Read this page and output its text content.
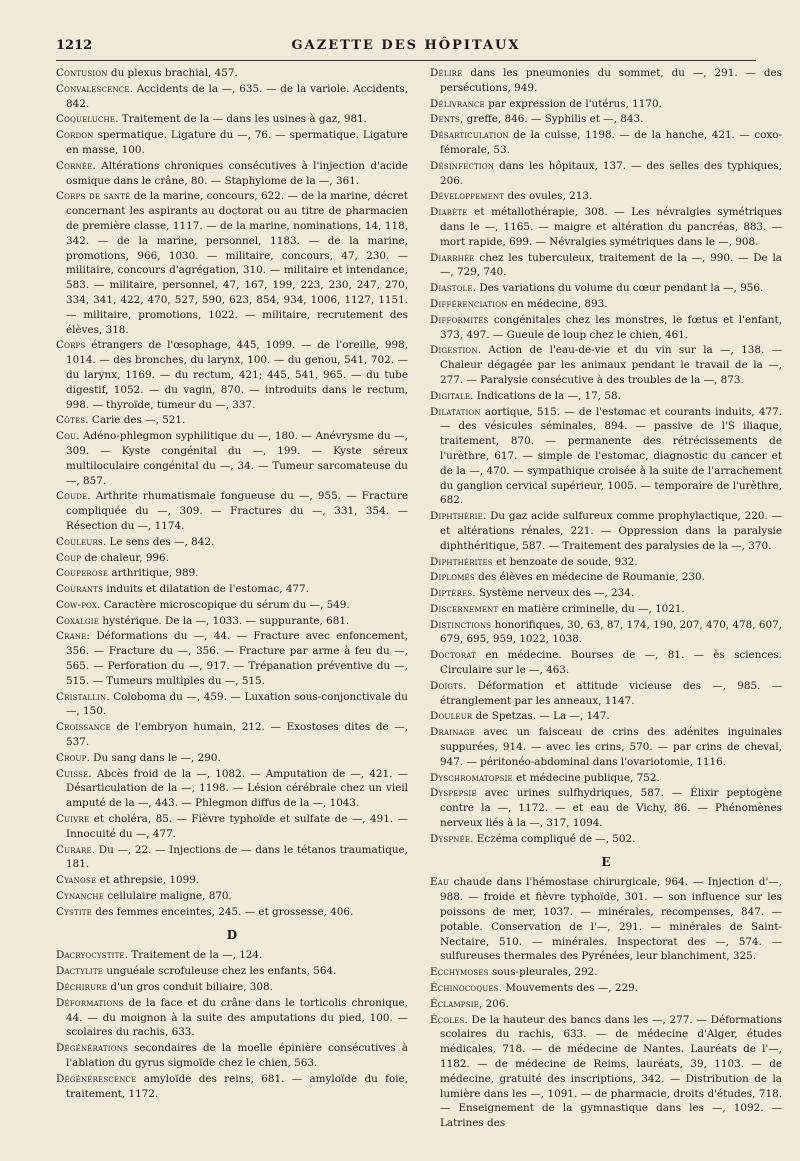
1212	GAZETTE DES HÔPITAUX

Contusion du plexus brachial, 457.

Convalescence. Accidents de la —, 635. — de la variole. Accidents, 842.

Coqueluche. Traitement de la — dans les usines à gaz, 981.

Cordon spermatique. Ligature du —, 76. — spermatique. Ligature en masse, 100.

Cornée. Altérations chroniques consécutives à l'injection d'acide osmique dans le crâne, 80. — Staphylome de la —, 361.

Corps de santé de la marine, concours, 622. — de la marine, décret concernant les aspirants au doctorat ou au titre de pharmacien de première classe, 1117. — de la marine, nominations, 14, 118, 342. — de la marine, personnel, 1183. — de la marine, promotions, 966, 1030. — militaire, concours, 47, 230. — militaire, concours d'agrégation, 310. — militaire et intendance, 583. — militaire, personnel, 47, 167, 199, 223, 230, 247, 270, 334, 341, 422, 470, 527, 590, 623, 854, 934, 1006, 1127, 1151. — militaire, promotions, 1022. — militaire, recrutement des élèves, 318.

Corps étrangers de l'œsophage, 445, 1099. — de l'oreille, 998, 1014. — des bronches, du larynx, 100. — du genou, 541, 702. — du larynx, 1169. — du rectum, 421; 445, 541, 965. — du tube digestif, 1052. — du vagin, 870. — introduits dans le rectum, 998. — thyroïde, tumeur du —, 337.

Côtes. Carie des —, 521.

Cou. Adéno-phlegmon syphilitique du —, 180. — Anévrysme du —, 309. — Kyste congénital du —, 199. — Kyste séreux multiloculaire congénital du —, 34. — Tumeur sarcomateuse du —, 857.

Coude. Arthrite rhumatismale fongueuse du —, 955. — Fracture compliquée du —, 309. — Fractures du —, 331, 354. — Résection du —, 1174.

Couleurs. Le sens des —, 842.

Coup de chaleur, 996.

Couperose arthritique, 989.

Courants induits et dilatation de l'estomac, 477.

Cow-pox. Caractère microscopique du sérum du —, 549.

Coxalgie hystérique. De la —, 1033. — suppurante, 681.

Crane: Déformations du —, 44. — Fracture avec enfoncement, 356. — Fracture du —, 356. — Fracture par arme à feu du —, 565. — Perforation du —, 917. — Trépanation préventive du —, 515. — Tumeurs multiples du —, 515.

Cristallin. Coloboma du —, 459. — Luxation sous-conjonctivale du —, 150.

Croissance de l'embryon humain, 212. — Exostoses dites de —, 537.

Croup. Du sang dans le —, 290.

Cuisse. Abcès froid de la —, 1082. — Amputation de —, 421. — Désarticulation de la —, 1198. — Lésion cérébrale chez un vieil amputé de la —, 443. — Phlegmon diffus de la —, 1043.

Cuivre et choléra, 85. — Fièvre typhoïde et sulfate de —, 491. — Innocuité du —, 477.

Curare. Du —, 22. — Injections de — dans le tétanos traumatique, 181.

Cyanose et athrepsie, 1099.

Cynanche cellulaire maligne, 870.

Cystite des femmes enceintes, 245. — et grossesse, 406.

D

Dacryocystite. Traitement de la —, 124.

Dactylite unguéale scrofuleuse chez les enfants, 564.

Déchirure d'un gros conduit biliaire, 308.

Déformations de la face et du crâne dans le torticolis chronique, 44. — du moignon à la suite des amputations du pied, 100. — scolaires du rachis, 633.

Dégénérations secondaires de la moelle épinière consécutives à l'ablation du gyrus sigmoïde chez le chien, 563.

Dégénérescence amyloïde des reins, 681. — amyloïde du foie, traitement, 1172.

Délire dans les pneumonies du sommet, du —, 291. — des persécutions, 949.

Délivrance par expression de l'utérus, 1170.

Dents, greffe, 846. — Syphilis et —, 843.

Désarticulation de la cuisse, 1198. — de la hanche, 421. — coxo-fémorale, 53.

Désinfection dans les hôpitaux, 137. — des selles des typhiques, 206.

Développement des ovules, 213.

Diabète et métallothérapie, 308. — Les névralgies symétriques dans le —, 1165. — maigre et altération du pancréas, 883. — mort rapide, 699. — Névralgies symétriques dans le —, 908.

Diarrhée chez les tuberculeux, traitement de la —, 990. — De la —, 729, 740.

Diastole. Des variations du volume du cœur pendant la —, 956.

Différenciation en médecine, 893.

Difformités congénitales chez les monstres, le fœtus et l'enfant, 373, 497. — Gueule de loup chez le chien, 461.

Digestion. Action de l'eau-de-vie et du vin sur la —, 138. — Chaleur dégagée par les animaux pendant le travail de la —, 277. — Paralysie consécutive à des troubles de la —, 873.

Digitale. Indications de la —, 17, 58.

Dilatation aortique, 515. — de l'estomac et courants induits, 477. — des vésicules séminales, 894. — passive de l'S iliaque, traitement, 870. — permanente des rétrécissements de l'urèthre, 617. — simple de l'estomac, diagnostic du cancer et de la —, 470. — sympathique croisée à la suite de l'arrachement du ganglion cervical supérieur, 1005. — temporaire de l'urèthre, 682.

Diphthérie. Du gaz acide sulfureux comme prophylactique, 220. — et altérations rénales, 221. — Oppression dans la paralysie diphthéritique, 587. — Traitement des paralysies de la —, 370.

Diphthérites et benzoate de soude, 932.

Diplomés des élèves en médecine de Roumanie, 230.

Diptères. Système nerveux des —, 234.

Discernement en matière criminelle, du —, 1021.

Distinctions honorifiques, 30, 63, 87, 174, 190, 207, 470, 478, 607, 679, 695, 959, 1022, 1038.

Doctorat en médecine. Bourses de —, 81. — ès sciences. Circulaire sur le —, 463.

Doigts. Déformation et attitude vicieuse des —, 985. — étranglement par les anneaux, 1147.

Douleur de Spetzas. — La —, 147.

Drainage avec un faisceau de crins des adénites inguinales suppurées, 914. — avec les crins, 570. — par crins de cheval, 947. — péritonéo-abdominal dans l'ovariotomie, 1116.

Dyschromatopsie et médecine publique, 752.

Dyspepsie avec urines sulfhydriques, 587. — Élixir peptogène contre la —, 1172. — et eau de Vichy, 86. — Phénomènes nerveux liés à la —, 317, 1094.

Dyspnée. Eczéma compliqué de —, 502.

E

Eau chaude dans l'hémostase chirurgicale, 964. — Injection d'—, 988. — froide et fièvre typhoïde, 301. — son influence sur les poissons de mer, 1037. — minérales, recompenses, 847. — potable. Conservation de l'—, 291. — minérales de Saint-Nectaire, 510. — minérales. Inspectorat des —, 574. — sulfureuses thermales des Pyrénées, leur blanchiment, 325.

Ecchymoses sous-pleurales, 292.

Échinocoques. Mouvements des —, 229.

Éclampsie, 206.

Écoles. De la hauteur des bancs dans les —, 277. — Déformations scolaires du rachis, 633. — de médecine d'Alger, études médicales, 718. — de médecine de Nantes. Lauréats de l'—, 1182. — de médecine de Reims, lauréats, 39, 1103. — de médecine, gratuité des inscriptions, 342. — Distribution de la lumière dans les —, 1091. — de pharmacie, droits d'études, 718. — Enseignement de la gymnastique dans les —, 1092. — Latrines des
